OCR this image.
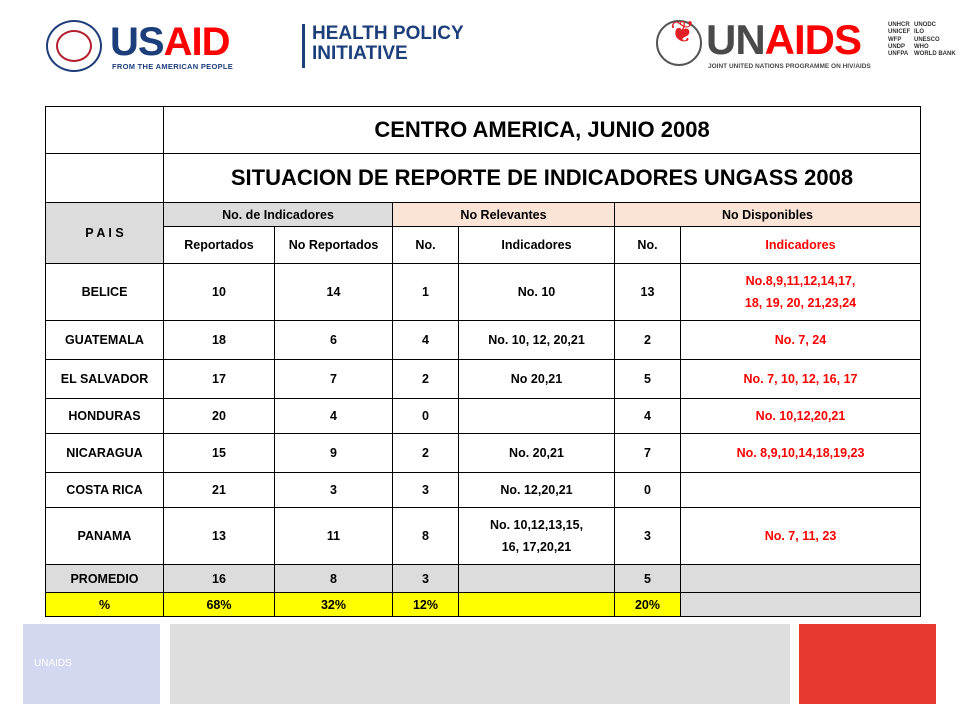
USAID
FROM THE AMERICAN PEOPLE
HEALTH POLICY
INITIATIVE
❦ UNAIDS
JOINT UNITED NATIONS PROGRAMME ON HIV/AIDS
UNHCR
UNICEF
WFP
UNDP
UNFPA
UNODC
ILO
UNESCO
WHO
WORLD BANK
	CENTRO AMERICA, JUNIO 2008					
	SITUACION DE REPORTE DE INDICADORES UNGASS 2008					
P A I S	No. de Indicadores		No Relevantes		No Disponibles	
	Reportados	No Reportados	No.	Indicadores	No.	Indicadores
BELICE	10	14	1	No. 10	13	No.8,9,11,12,14,17,
18, 19, 20, 21,23,24
GUATEMALA	18	6	4	No. 10, 12, 20,21	2	No. 7, 24
EL SALVADOR	17	7	2	No 20,21	5	No. 7, 10, 12, 16, 17
HONDURAS	20	4	0		4	No. 10,12,20,21
NICARAGUA	15	9	2	No. 20,21	7	No. 8,9,10,14,18,19,23
COSTA RICA	21	3	3	No. 12,20,21	0	
PANAMA	13	11	8	No. 10,12,13,15,
16, 17,20,21	3	No. 7, 11, 23
PROMEDIO	16	8	3		5	
%	68%	32%	12%		20%	
UNAIDS
